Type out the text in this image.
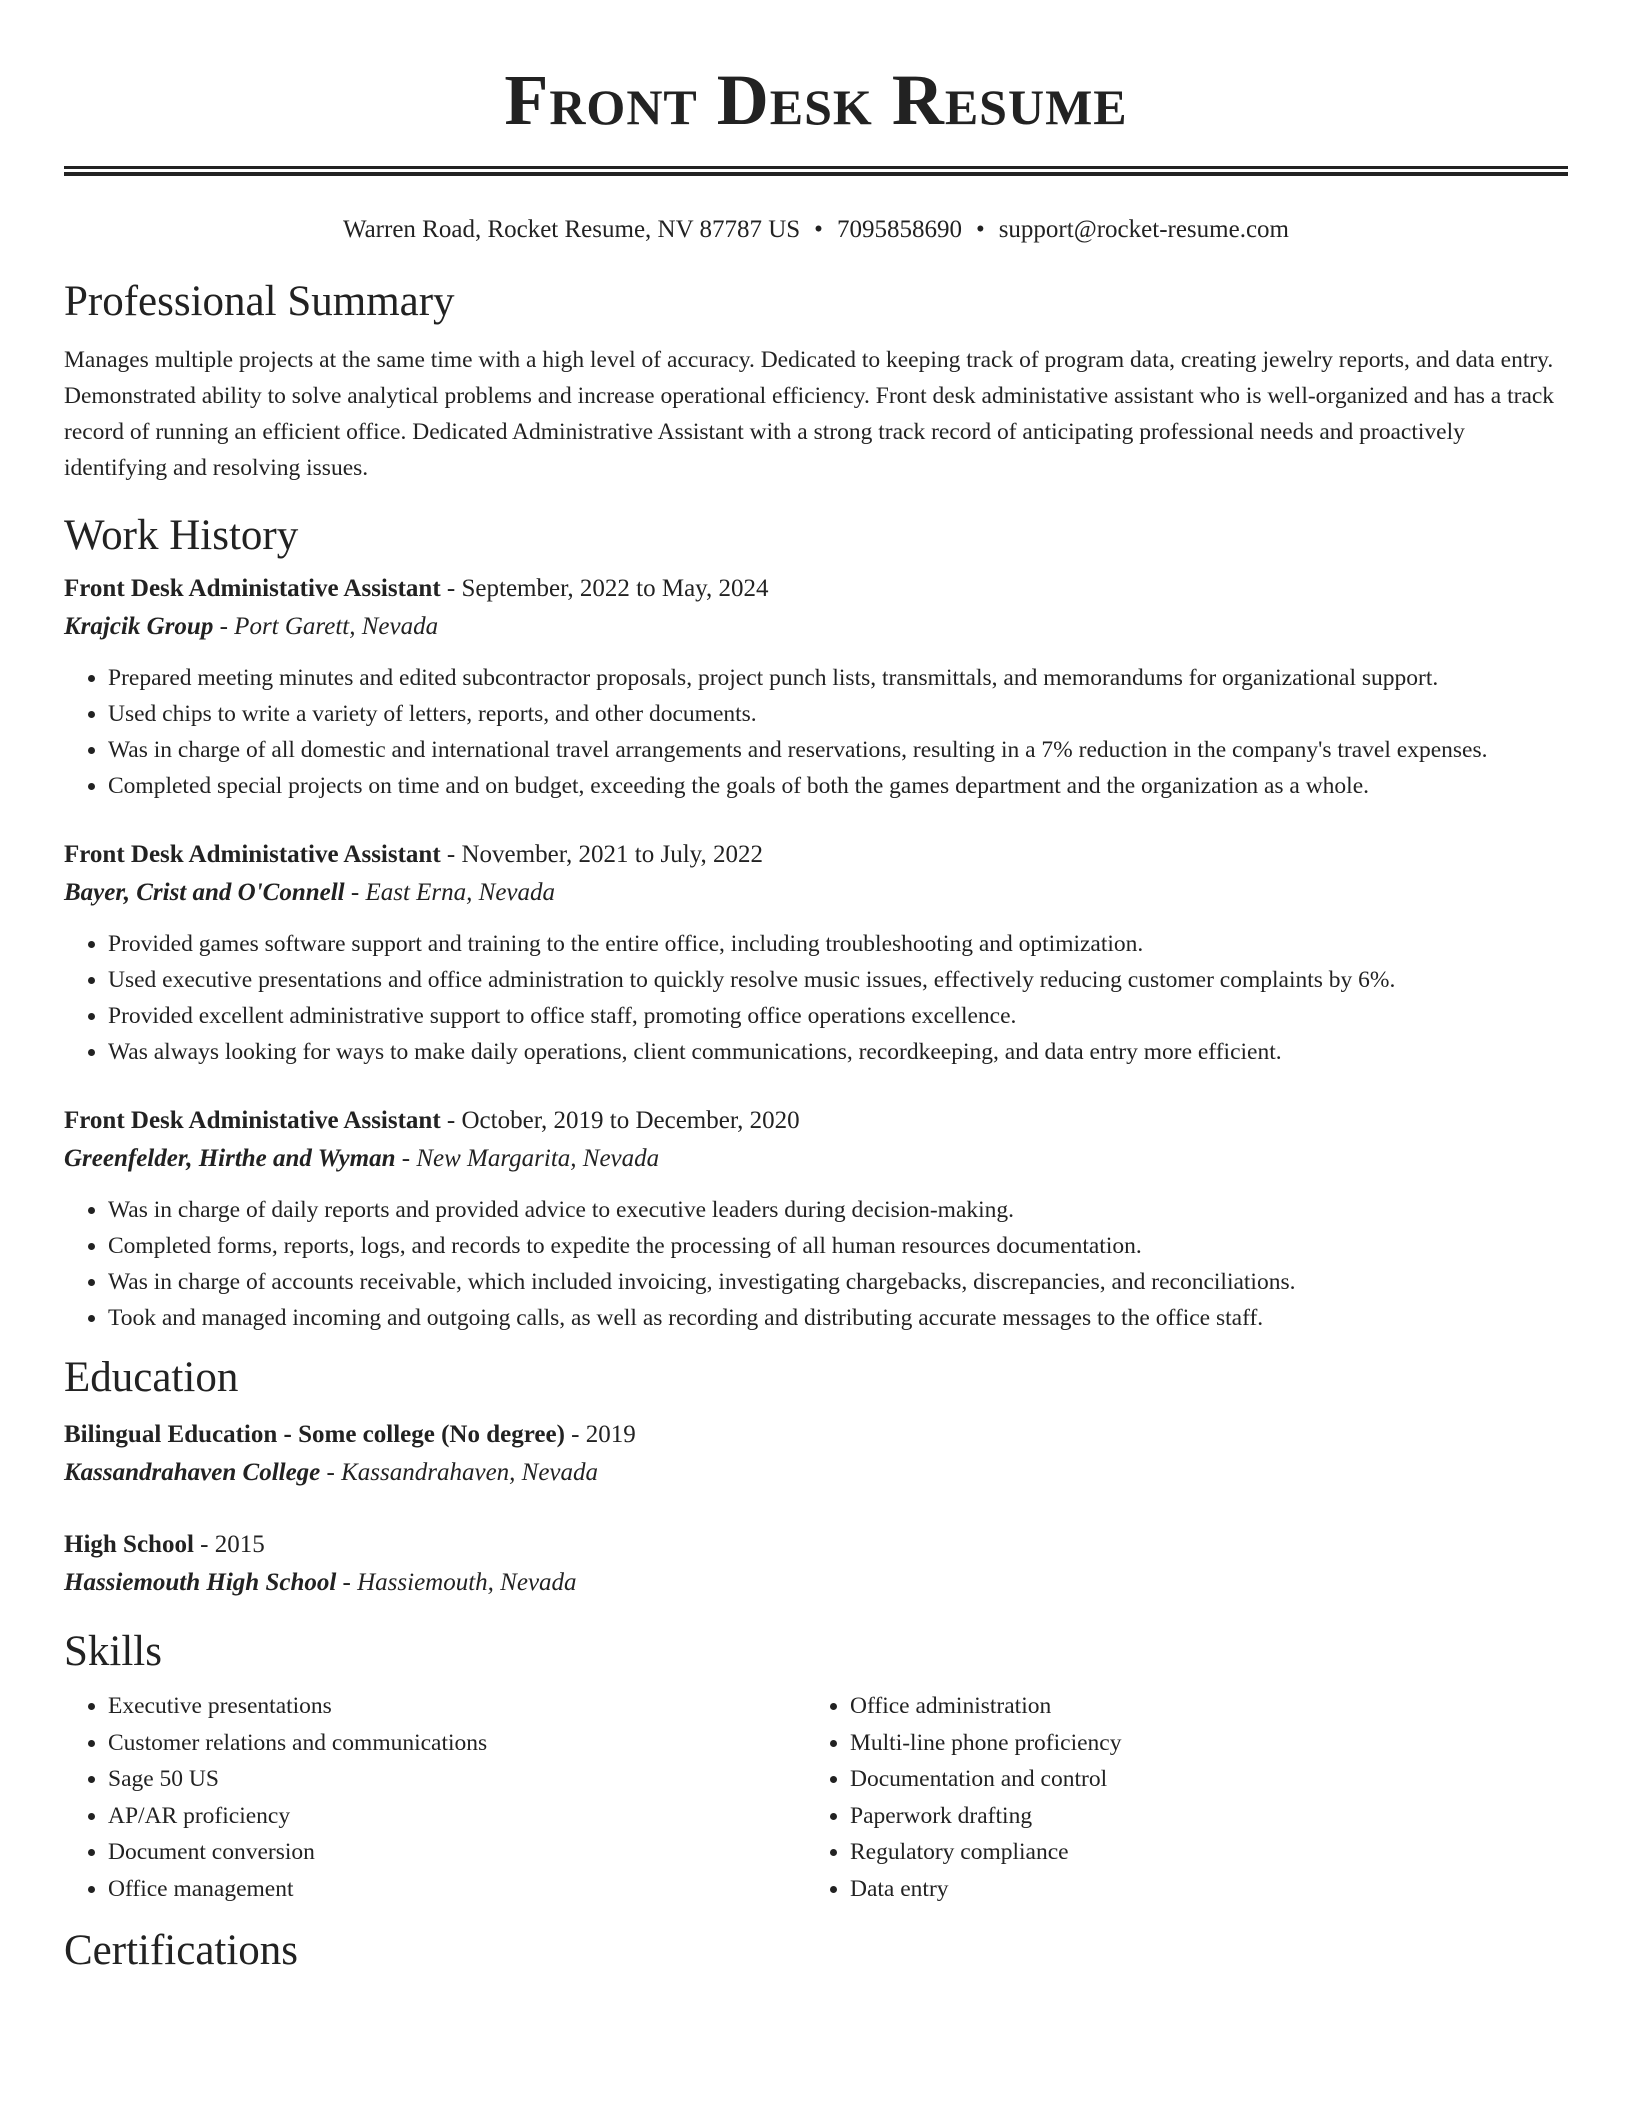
Front Desk Resume
Warren Road, Rocket Resume, NV 87787 US • 7095858690 • support@rocket-resume.com
Professional Summary

Manages multiple projects at the same time with a high level of accuracy. Dedicated to keeping track of program data, creating jewelry reports, and data entry. Demonstrated ability to solve analytical problems and increase operational efficiency. Front desk administative assistant who is well-organized and has a track record of running an efficient office. Dedicated Administrative Assistant with a strong track record of anticipating professional needs and proactively identifying and resolving issues.

Work History
Front Desk Administative Assistant - September, 2022 to May, 2024
Krajcik Group - Port Garett, Nevada
• Prepared meeting minutes and edited subcontractor proposals, project punch lists, transmittals, and memorandums for organizational support.
• Used chips to write a variety of letters, reports, and other documents.
• Was in charge of all domestic and international travel arrangements and reservations, resulting in a 7% reduction in the company's travel expenses.
• Completed special projects on time and on budget, exceeding the goals of both the games department and the organization as a whole.
Front Desk Administative Assistant - November, 2021 to July, 2022
Bayer, Crist and O'Connell - East Erna, Nevada
• Provided games software support and training to the entire office, including troubleshooting and optimization.
• Used executive presentations and office administration to quickly resolve music issues, effectively reducing customer complaints by 6%.
• Provided excellent administrative support to office staff, promoting office operations excellence.
• Was always looking for ways to make daily operations, client communications, recordkeeping, and data entry more efficient.
Front Desk Administative Assistant - October, 2019 to December, 2020
Greenfelder, Hirthe and Wyman - New Margarita, Nevada
• Was in charge of daily reports and provided advice to executive leaders during decision-making.
• Completed forms, reports, logs, and records to expedite the processing of all human resources documentation.
• Was in charge of accounts receivable, which included invoicing, investigating chargebacks, discrepancies, and reconciliations.
• Took and managed incoming and outgoing calls, as well as recording and distributing accurate messages to the office staff.
Education
Bilingual Education - Some college (No degree) - 2019
Kassandrahaven College - Kassandrahaven, Nevada
High School - 2015
Hassiemouth High School - Hassiemouth, Nevada
Skills
• Executive presentations
• Customer relations and communications
• Sage 50 US
• AP/AR proficiency
• Document conversion
• Office management
• Office administration
• Multi-line phone proficiency
• Documentation and control
• Paperwork drafting
• Regulatory compliance
• Data entry
Certifications
